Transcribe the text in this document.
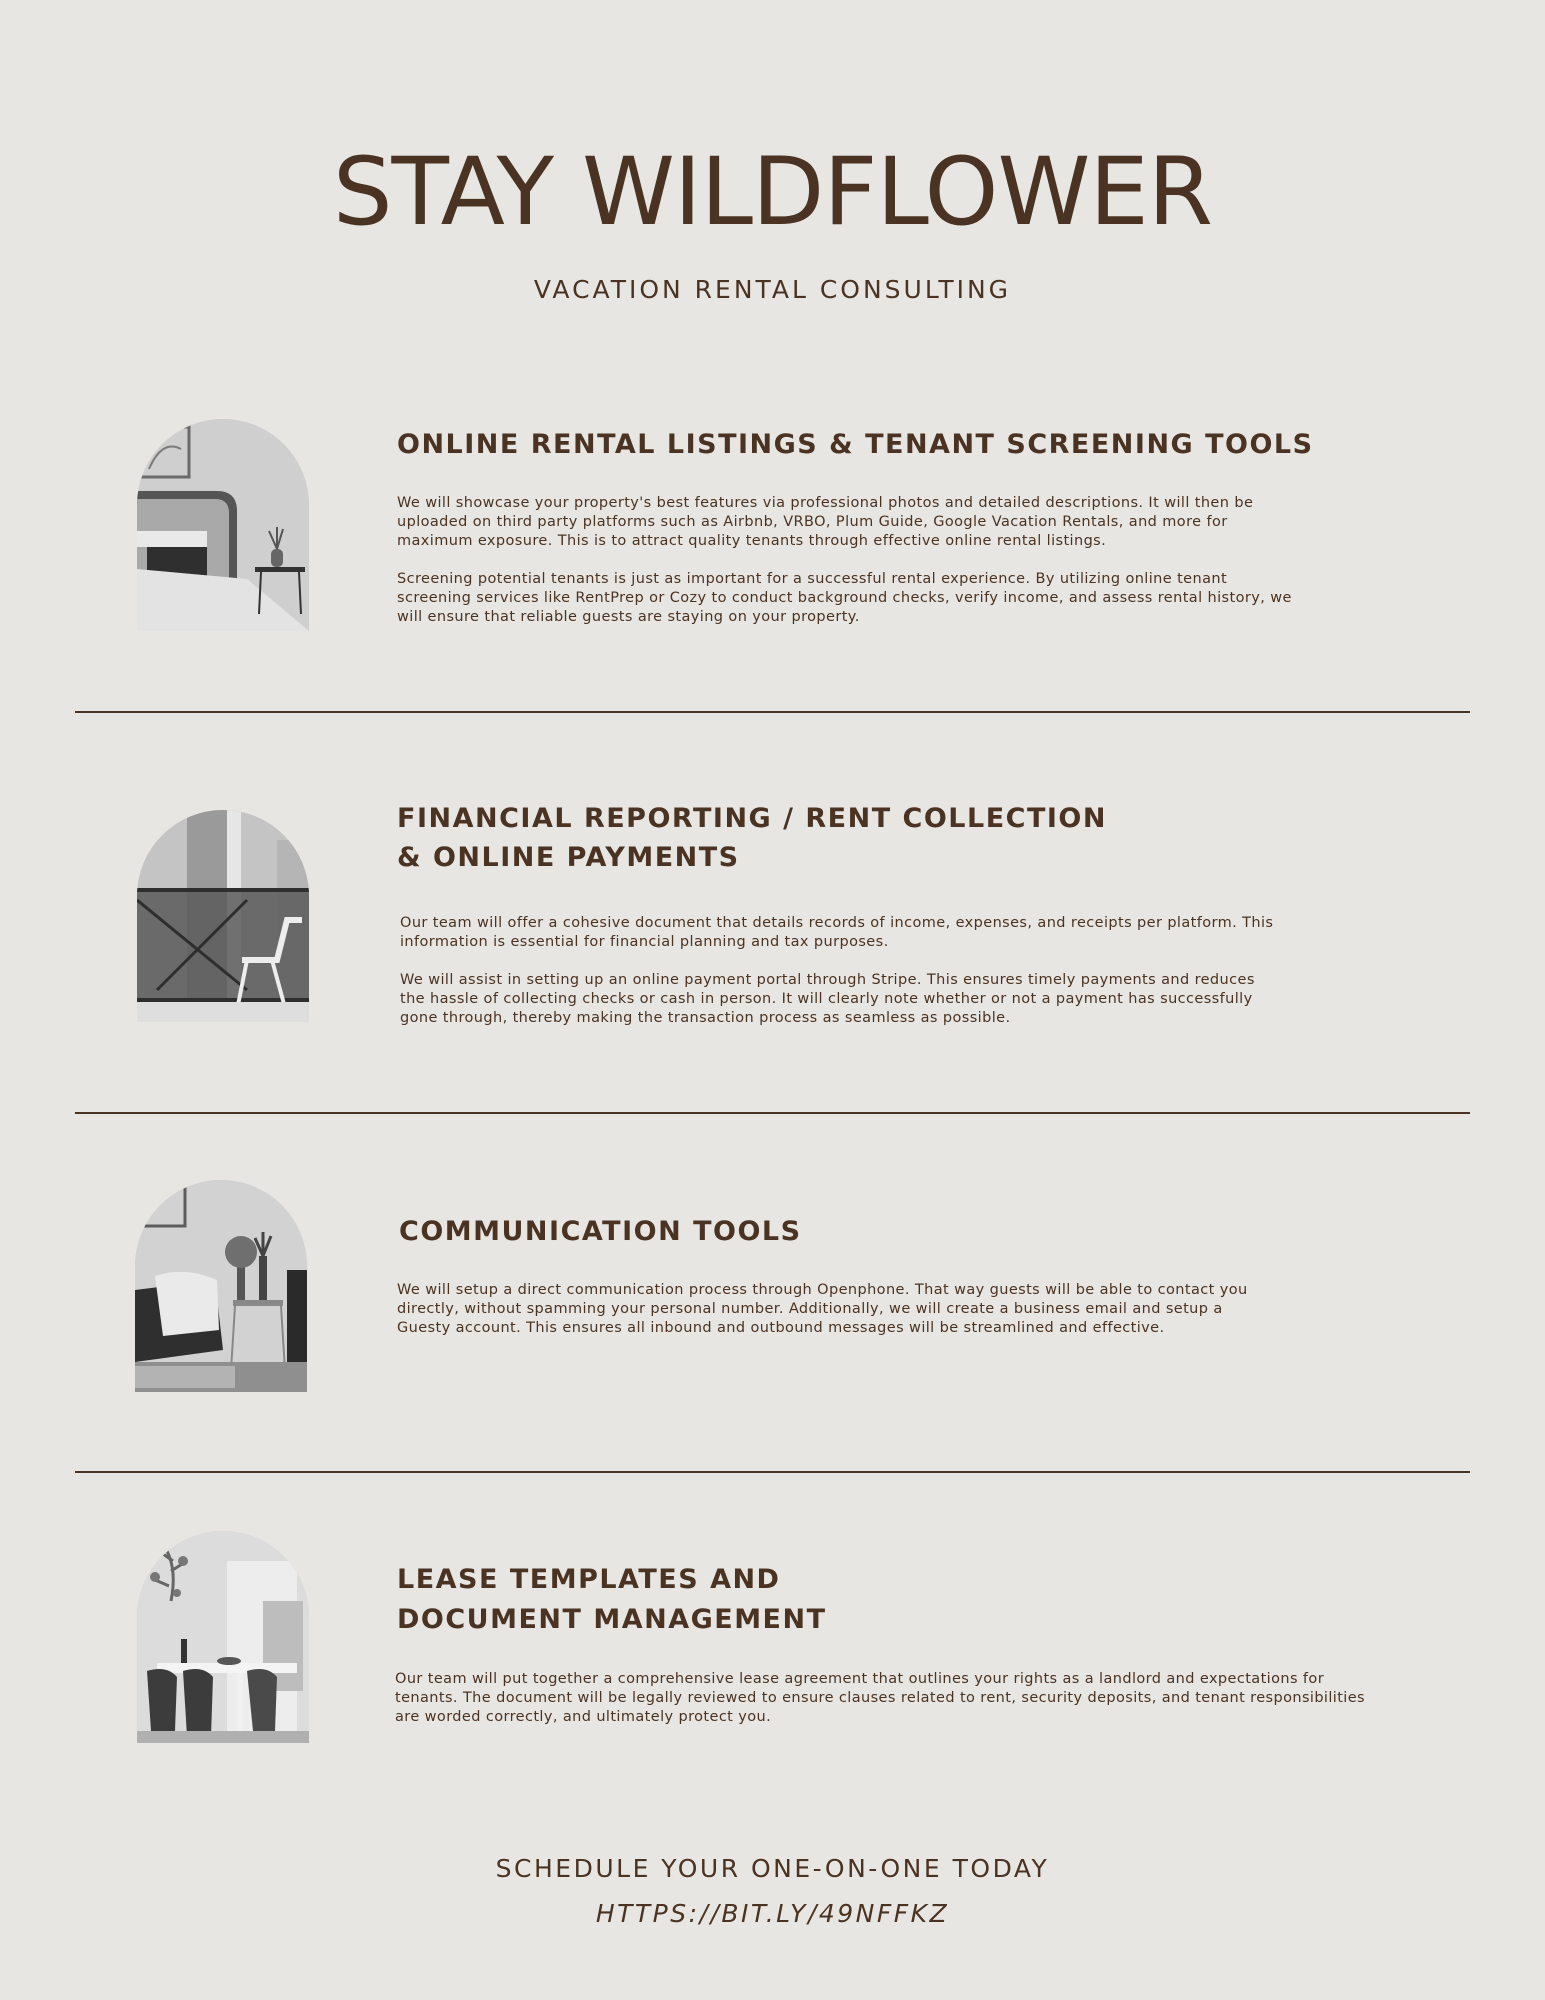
STAY WILDFLOWER
VACATION RENTAL CONSULTING
ONLINE RENTAL LISTINGS & TENANT SCREENING TOOLS

We will showcase your property's best features via professional photos and detailed descriptions. It will then be uploaded on third party platforms such as Airbnb, VRBO, Plum Guide, Google Vacation Rentals, and more for maximum exposure. This is to attract quality tenants through effective online rental listings.

Screening potential tenants is just as important for a successful rental experience. By utilizing online tenant screening services like RentPrep or Cozy to conduct background checks, verify income, and assess rental history, we will ensure that reliable guests are staying on your property.

FINANCIAL REPORTING / RENT COLLECTION
& ONLINE PAYMENTS

Our team will offer a cohesive document that details records of income, expenses, and receipts per platform. This information is essential for financial planning and tax purposes.

We will assist in setting up an online payment portal through Stripe. This ensures timely payments and reduces the hassle of collecting checks or cash in person. It will clearly note whether or not a payment has successfully gone through, thereby making the transaction process as seamless as possible.

COMMUNICATION TOOLS

We will setup a direct communication process through Openphone. That way guests will be able to contact you directly, without spamming your personal number. Additionally, we will create a business email and setup a Guesty account. This ensures all inbound and outbound messages will be streamlined and effective.

LEASE TEMPLATES AND
DOCUMENT MANAGEMENT

Our team will put together a comprehensive lease agreement that outlines your rights as a landlord and expectations for tenants. The document will be legally reviewed to ensure clauses related to rent, security deposits, and tenant responsibilities are worded correctly, and ultimately protect you.

SCHEDULE YOUR ONE-ON-ONE TODAY
HTTPS://BIT.LY/49NFFKZ
